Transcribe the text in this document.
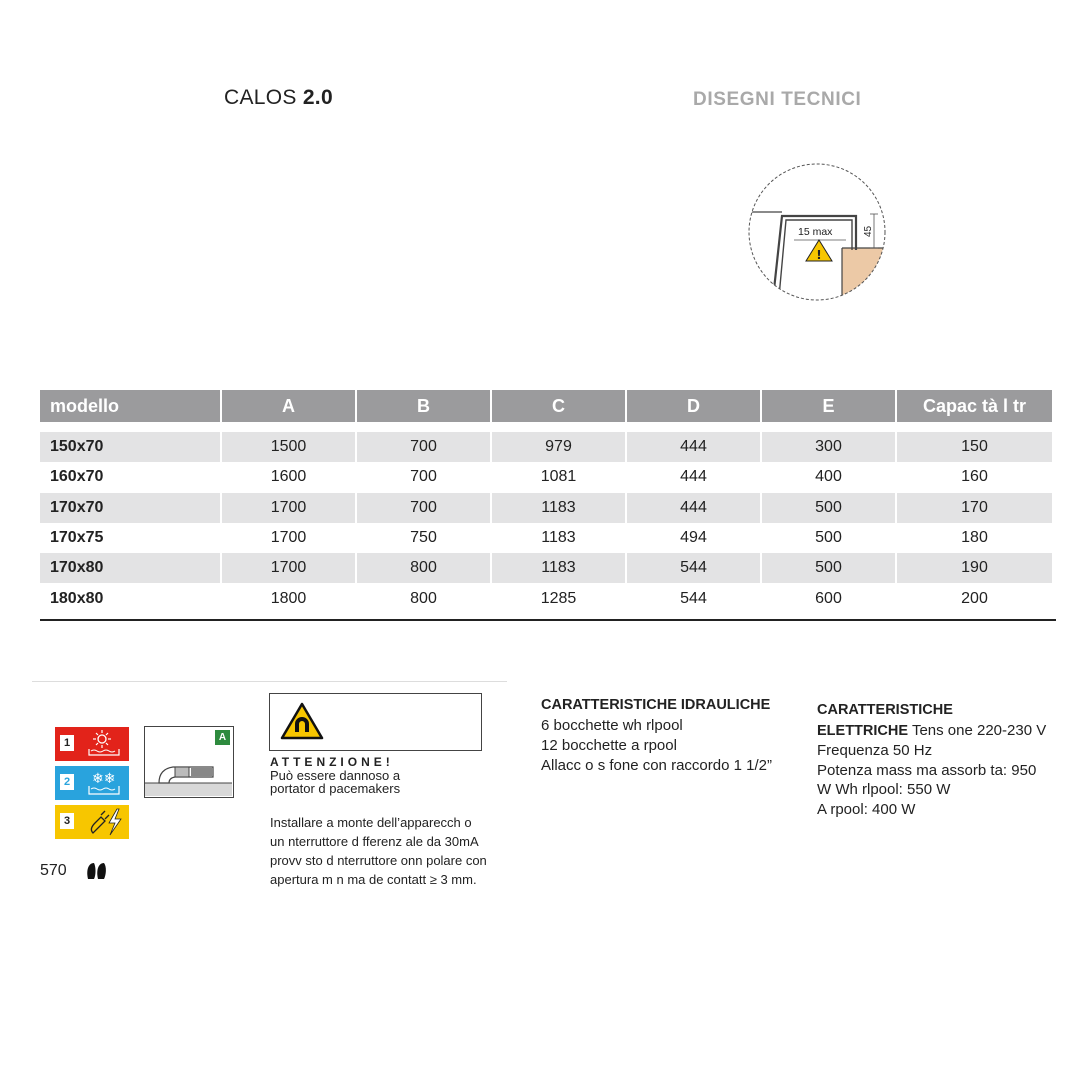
CALOS 2.0	DISEGNI TECNICI
!
15 max	45
modello	A	B	C	D	E	Capac tà l tr
150x70	1500	700	979	444	300	150
160x70	1600	700	1081	444	400	160
170x70	1700	700	1183	444	500	170
170x75	1700	750	1183	494	500	180
170x80	1700	800	1183	544	500	190
180x80	1800	800	1285	544	600	200
1
2 ❄❄
3
A
570
ATTENZIONE!
Può essere dannoso a
portator d pacemakers
Installare a monte dell’apparecch o
un nterruttore d fferenz ale da 30mA
provv sto d nterruttore onn polare con
apertura m n ma de contatt ≥ 3 mm.
CARATTERISTICHE IDRAULICHE
6 bocchette wh rlpool
12 bocchette a rpool
Allacc o s fone con raccordo 1 1/2”
CARATTERISTICHE
ELETTRICHE Tens one 220-230 V
Frequenza 50 Hz
Potenza mass ma assorb ta: 950
W Wh rlpool: 550 W
A rpool: 400 W
